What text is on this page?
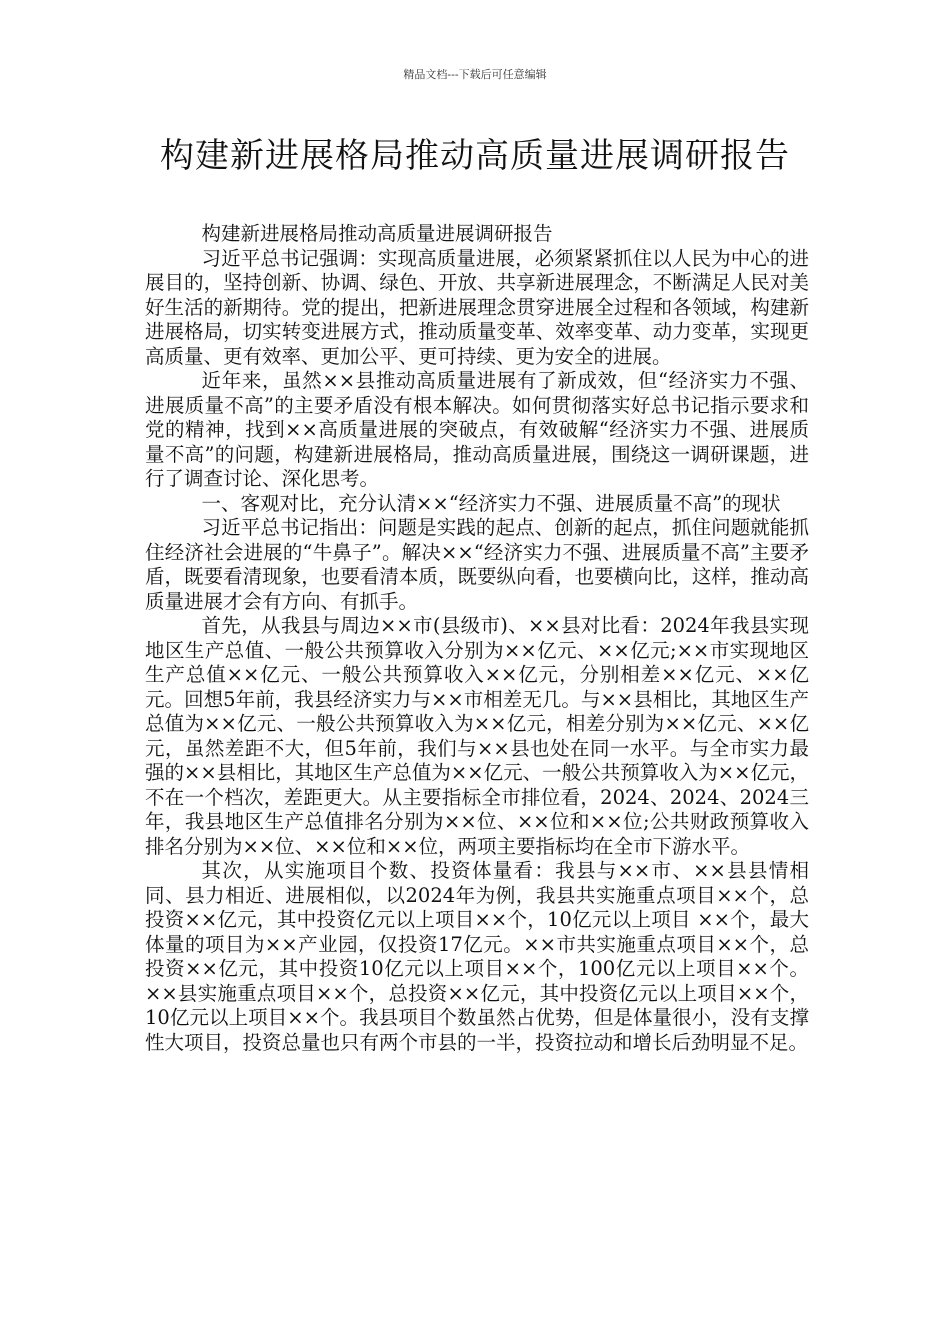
精品文档---下载后可任意编辑
构建新进展格局推动高质量进展调研报告

构建新进展格局推动高质量进展调研报告

习近平总书记强调：实现高质量进展，必须紧紧抓住以人民为中心的进展目的，坚持创新、协调、绿色、开放、共享新进展理念，不断满足人民对美好生活的新期待。党的提出，把新进展理念贯穿进展全过程和各领域，构建新进展格局，切实转变进展方式，推动质量变革、效率变革、动力变革，实现更高质量、更有效率、更加公平、更可持续、更为安全的进展。

近年来，虽然××县推动高质量进展有了新成效，但“经济实力不强、进展质量不高”的主要矛盾没有根本解决。如何贯彻落实好总书记指示要求和党的精神，找到××高质量进展的突破点，有效破解“经济实力不强、进展质量不高”的问题，构建新进展格局，推动高质量进展，围绕这一调研课题，进行了调查讨论、深化思考。

一、客观对比，充分认清××“经济实力不强、进展质量不高”的现状

习近平总书记指出：问题是实践的起点、创新的起点，抓住问题就能抓住经济社会进展的“牛鼻子”。解决××“经济实力不强、进展质量不高”主要矛盾，既要看清现象，也要看清本质，既要纵向看，也要横向比，这样，推动高质量进展才会有方向、有抓手。

首先，从我县与周边××市(县级市)、××县对比看：2024年我县实现地区生产总值、一般公共预算收入分别为××亿元、××亿元;××市实现地区生产总值××亿元、一般公共预算收入××亿元，分别相差××亿元、××亿元。回想5年前，我县经济实力与××市相差无几。与××县相比，其地区生产总值为××亿元、一般公共预算收入为××亿元，相差分别为××亿元、××亿元，虽然差距不大，但5年前，我们与××县也处在同一水平。与全市实力最强的××县相比，其地区生产总值为××亿元、一般公共预算收入为××亿元，不在一个档次，差距更大。从主要指标全市排位看，2024、2024、2024三年，我县地区生产总值排名分别为××位、××位和××位;公共财政预算收入排名分别为××位、××位和××位，两项主要指标均在全市下游水平。

其次，从实施项目个数、投资体量看：我县与××市、××县县情相同、县力相近、进展相似，以2024年为例，我县共实施重点项目××个，总投资××亿元，其中投资亿元以上项目××个，10亿元以上项目 ××个，最大体量的项目为××产业园，仅投资17亿元。××市共实施重点项目××个，总投资××亿元，其中投资10亿元以上项目××个，100亿元以上项目××个。××县实施重点项目××个，总投资××亿元，其中投资亿元以上项目××个，10亿元以上项目××个。我县项目个数虽然占优势，但是体量很小，没有支撑性大项目，投资总量也只有两个市县的一半，投资拉动和增长后劲明显不足。
